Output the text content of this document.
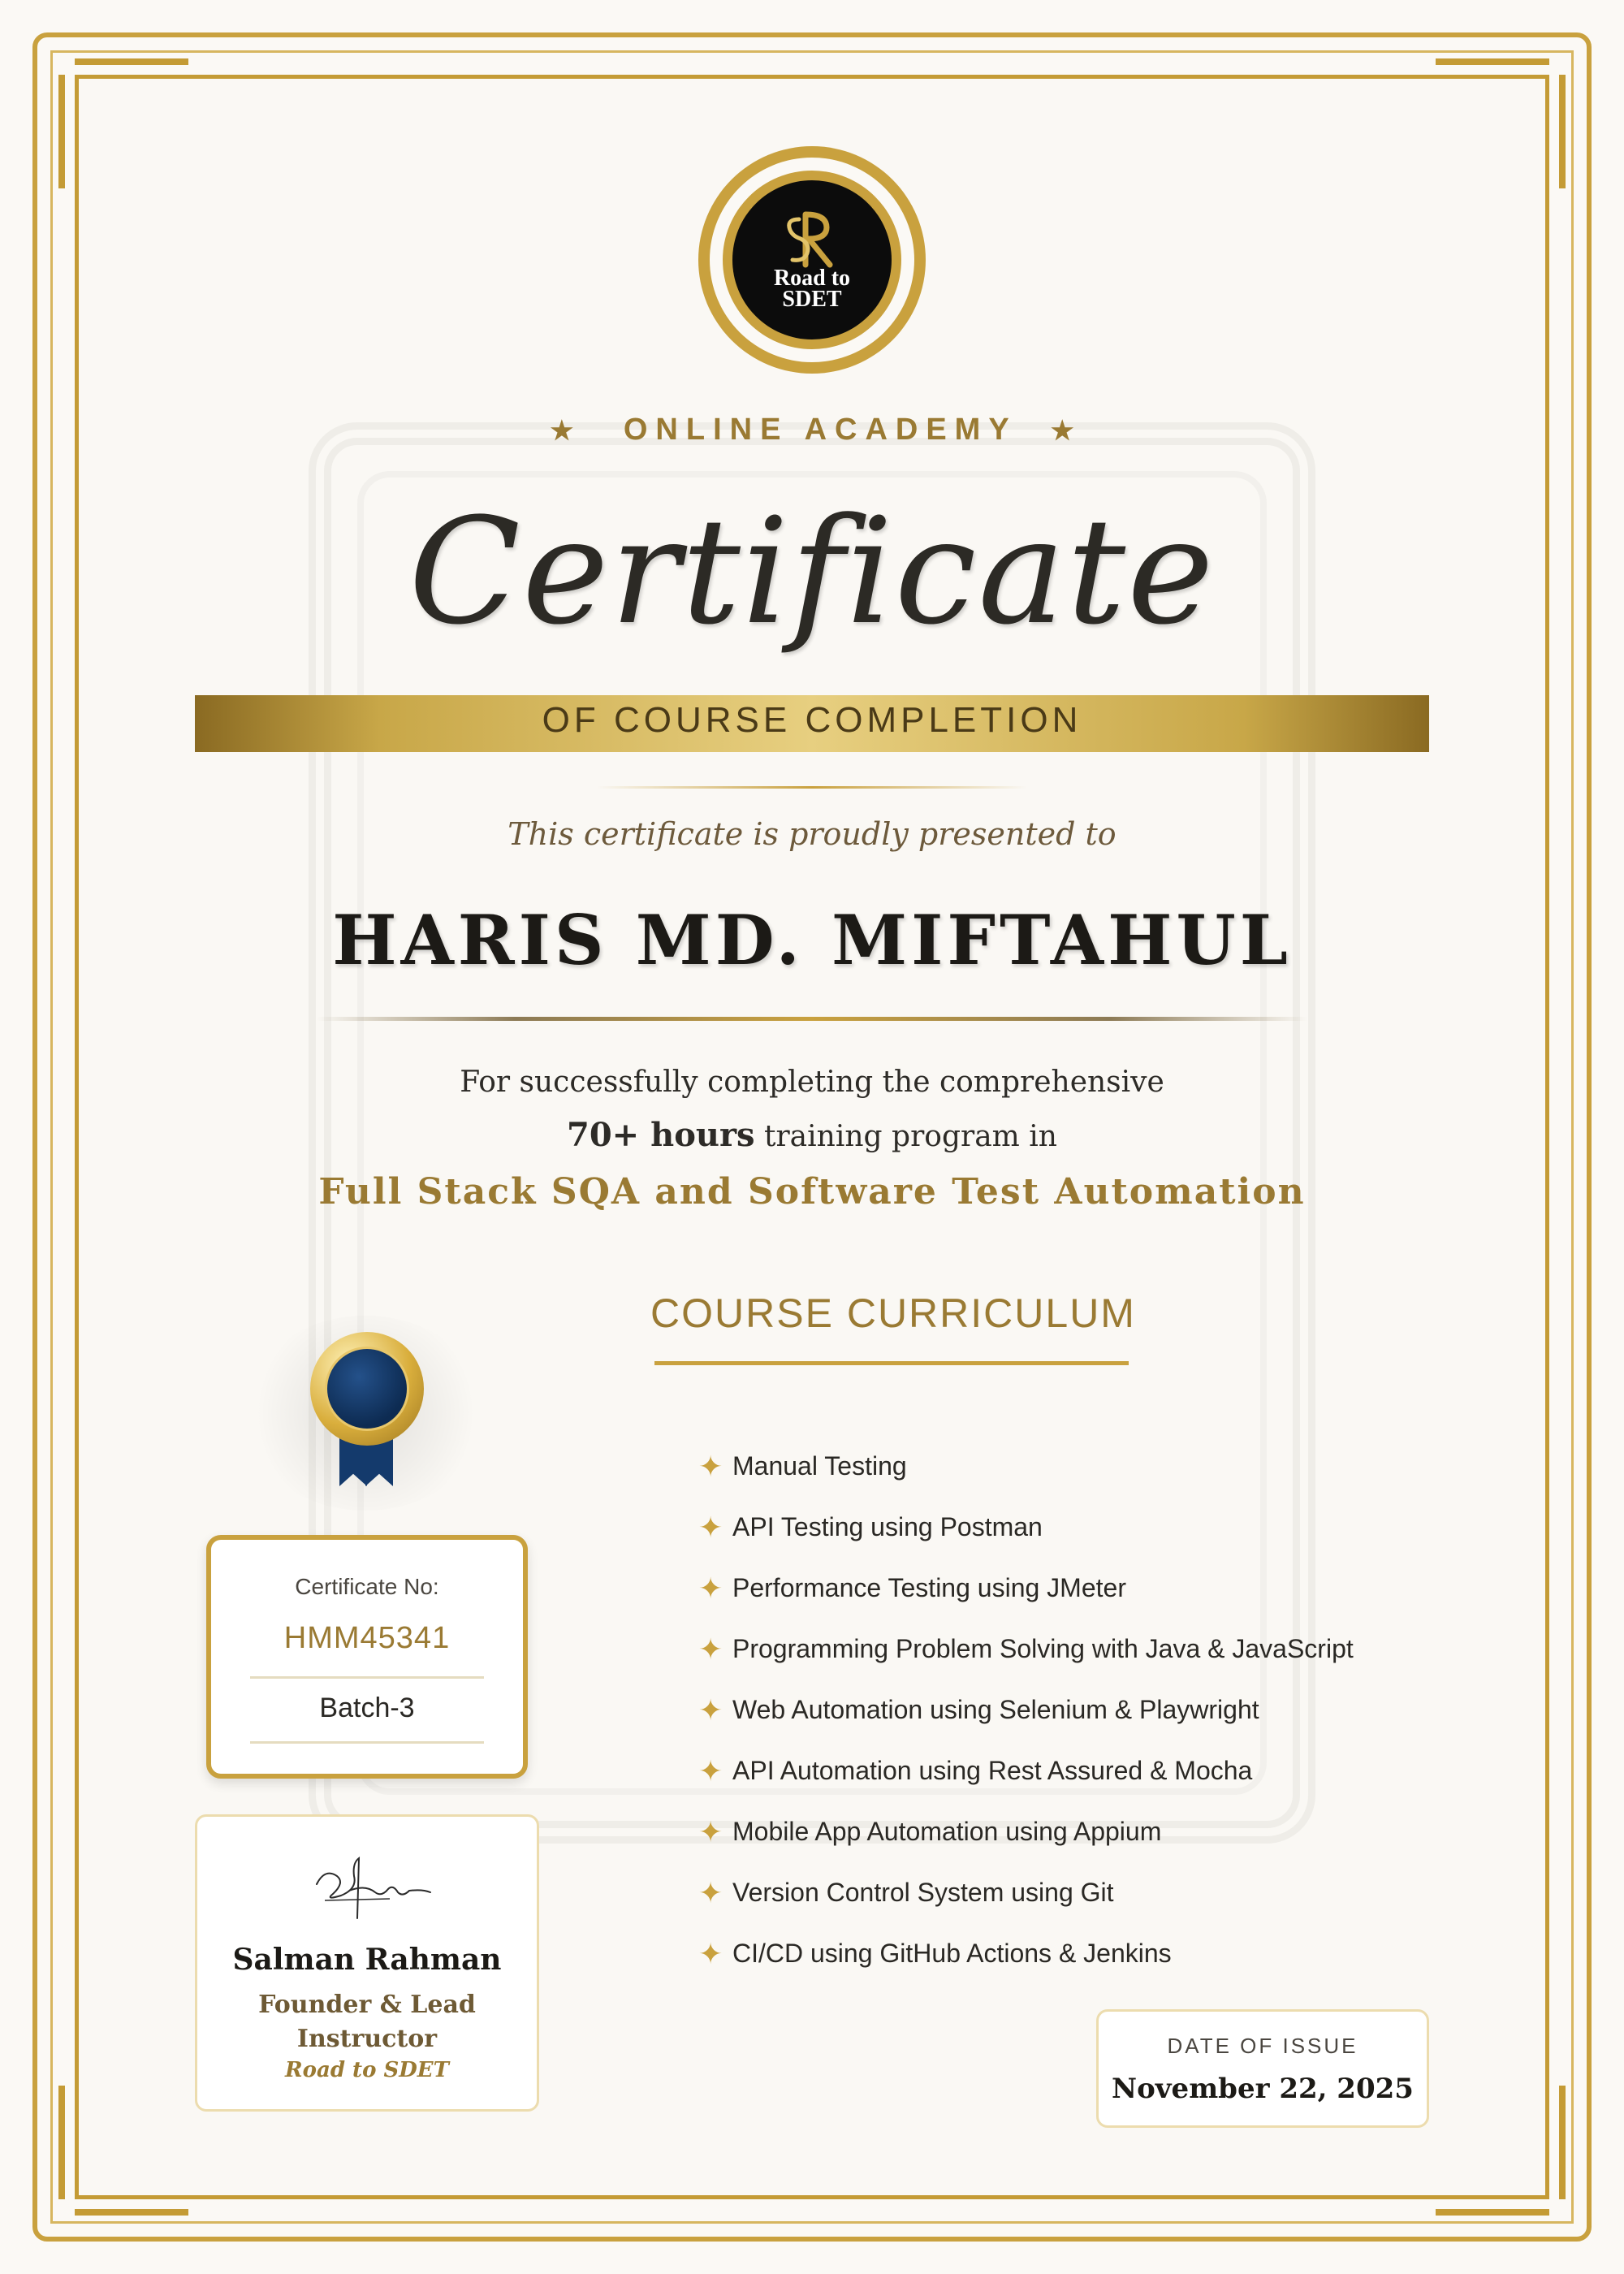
Road to
SDET
★ ONLINE ACADEMY ★
Certificate
OF COURSE COMPLETION
This certificate is proudly presented to
HARIS MD. MIFTAHUL
For successfully completing the comprehensive
70+ hours training program in
Full Stack SQA and Software Test Automation
COURSE CURRICULUM
✦ Manual Testing
✦ API Testing using Postman
✦ Performance Testing using JMeter
✦ Programming Problem Solving with Java & JavaScript
✦ Web Automation using Selenium & Playwright
✦ API Automation using Rest Assured & Mocha
✦ Mobile App Automation using Appium
✦ Version Control System using Git
✦ CI/CD using GitHub Actions & Jenkins
Certificate No:
HMM45341
Batch-3
Salman Rahman
Founder & Lead
Instructor
Road to SDET
DATE OF ISSUE
November 22, 2025
